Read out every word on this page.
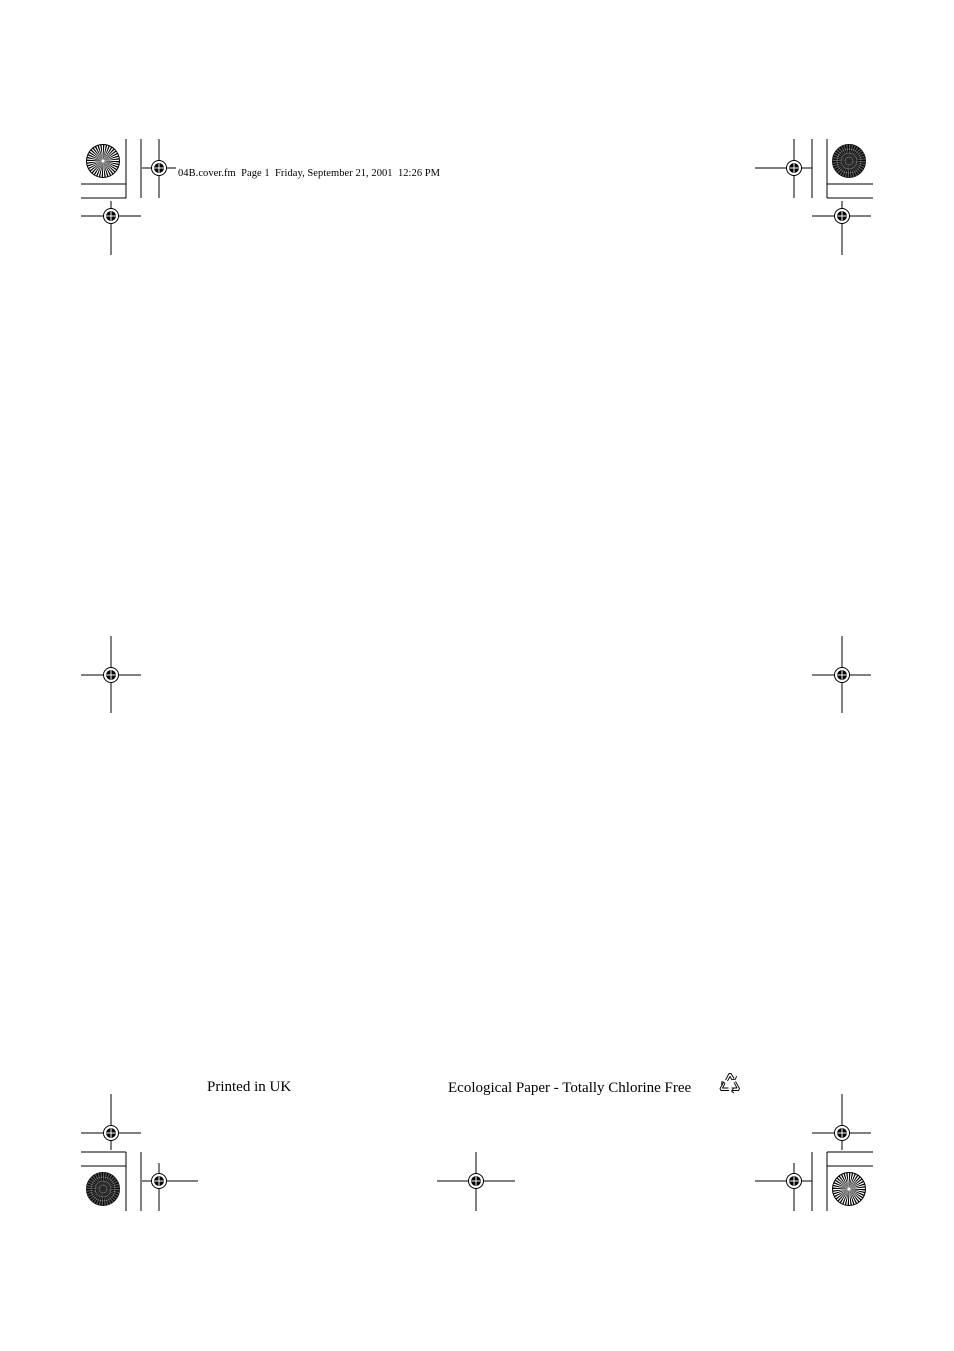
04B.cover.fm  Page 1  Friday, September 21, 2001  12:26 PM
Printed in UK	Ecological Paper - Totally Chlorine Free
